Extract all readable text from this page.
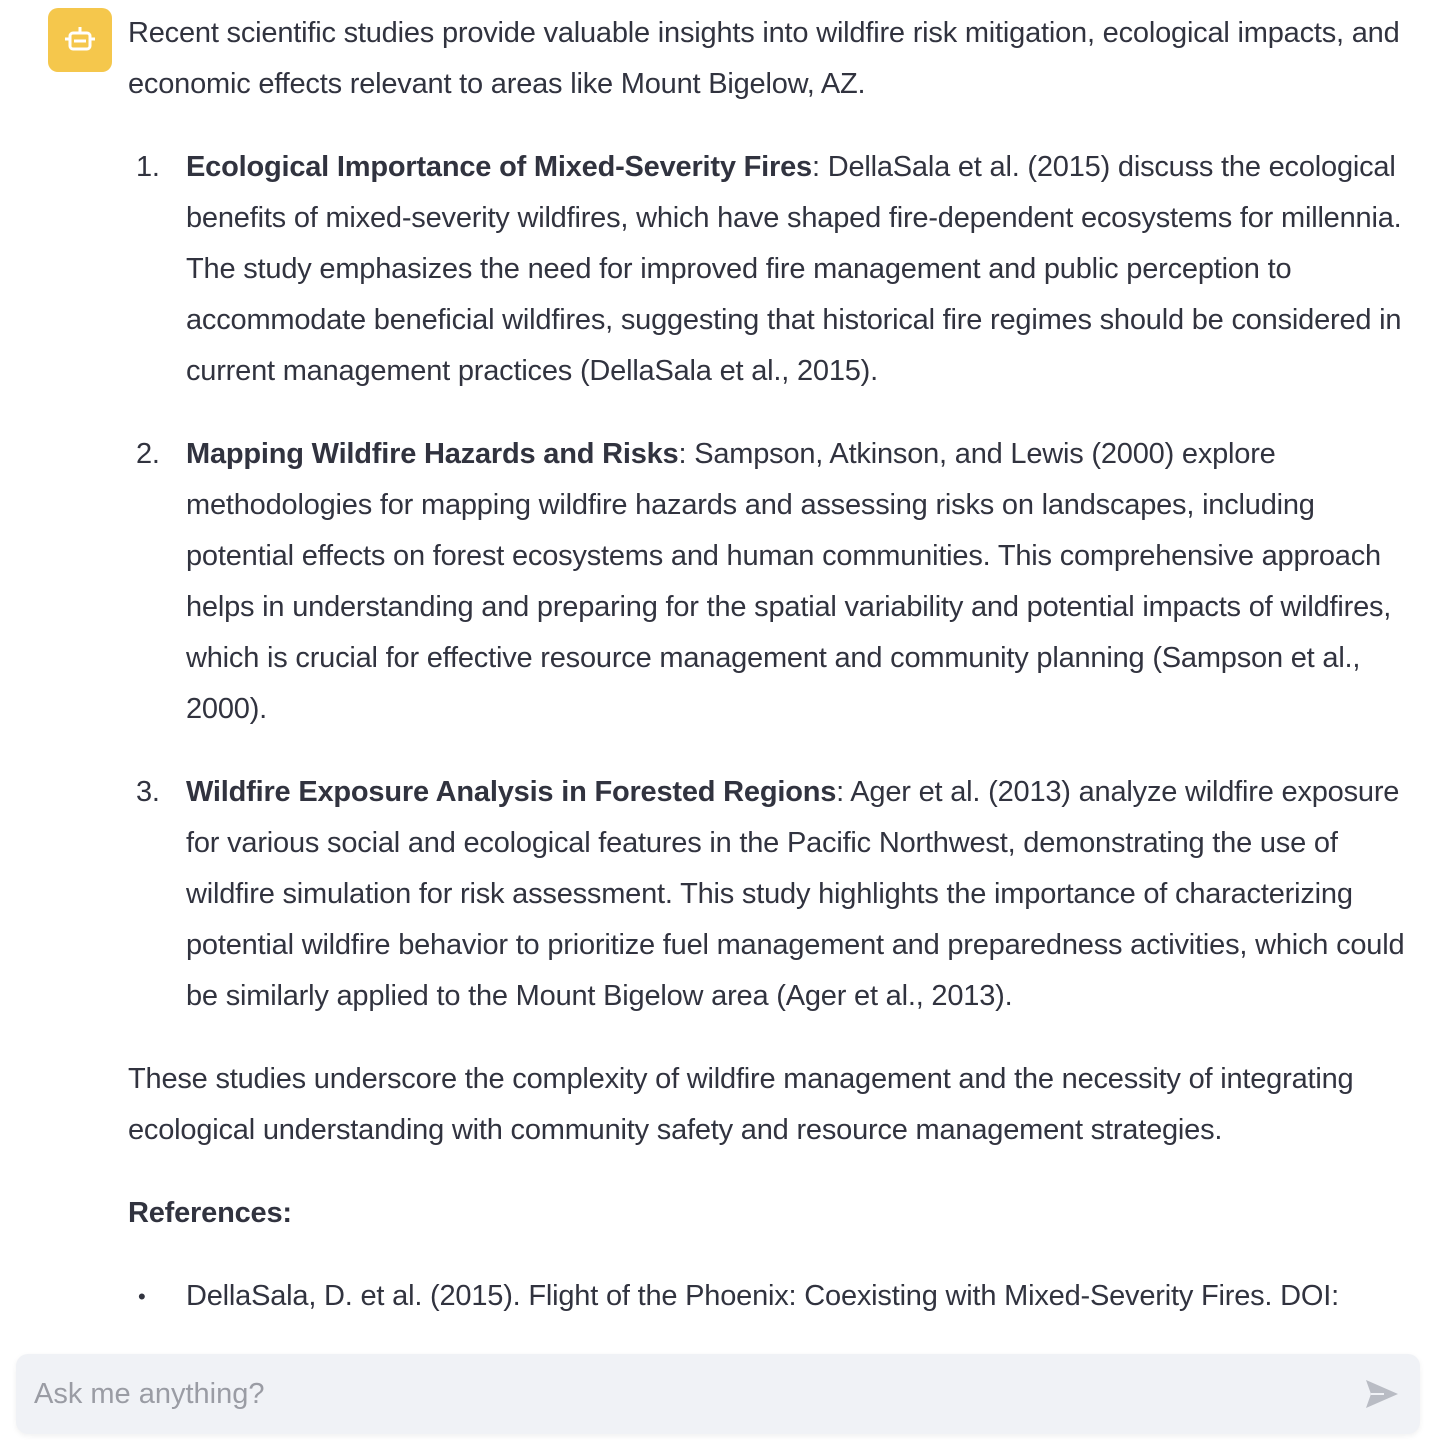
Recent scientific studies provide valuable insights into wildfire risk mitigation, ecological impacts, and economic effects relevant to areas like Mount Bigelow, AZ.

1. Ecological Importance of Mixed-Severity Fires: DellaSala et al. (2015) discuss the ecological benefits of mixed-severity wildfires, which have shaped fire-dependent ecosystems for millennia. The study emphasizes the need for improved fire management and public perception to accommodate beneficial wildfires, suggesting that historical fire regimes should be considered in current management practices (DellaSala et al., 2015).
2. Mapping Wildfire Hazards and Risks: Sampson, Atkinson, and Lewis (2000) explore methodologies for mapping wildfire hazards and assessing risks on landscapes, including potential effects on forest ecosystems and human communities. This comprehensive approach helps in understanding and preparing for the spatial variability and potential impacts of wildfires, which is crucial for effective resource management and community planning (Sampson et al., 2000).
3. Wildfire Exposure Analysis in Forested Regions: Ager et al. (2013) analyze wildfire exposure for various social and ecological features in the Pacific Northwest, demonstrating the use of wildfire simulation for risk assessment. This study highlights the importance of characterizing potential wildfire behavior to prioritize fuel management and preparedness activities, which could be similarly applied to the Mount Bigelow area (Ager et al., 2013).

These studies underscore the complexity of wildfire management and the necessity of integrating ecological understanding with community safety and resource management strategies.

References:

• DellaSala, D. et al. (2015). Flight of the Phoenix: Coexisting with Mixed-Severity Fires. DOI:
Ask me anything?
